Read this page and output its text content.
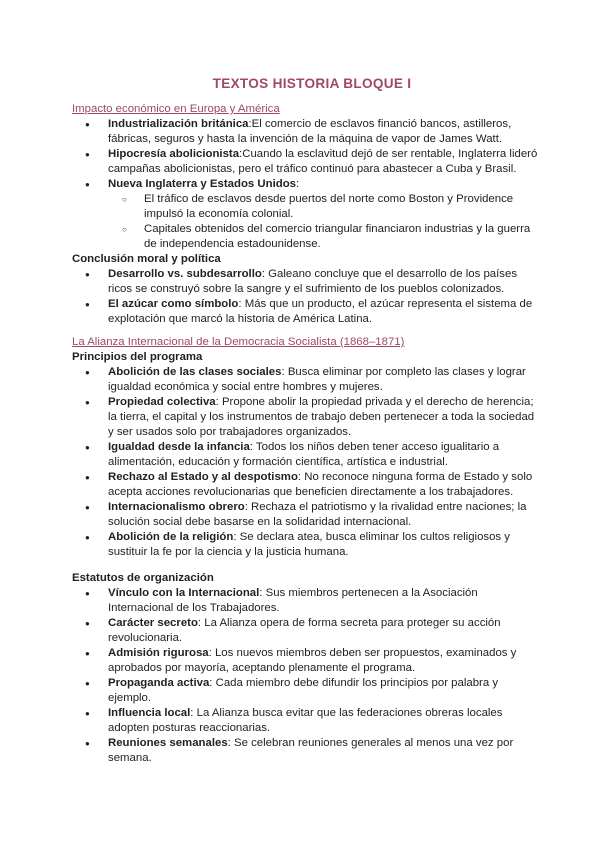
TEXTOS HISTORIA BLOQUE I
Impacto económico en Europa y América
● Industrialización británica:El comercio de esclavos financió bancos, astilleros, fábricas, seguros y hasta la invención de la máquina de vapor de James Watt.
● Hipocresía abolicionista:Cuando la esclavitud dejó de ser rentable, Inglaterra lideró campañas abolicionistas, pero el tráfico continuó para abastecer a Cuba y Brasil.
● Nueva Inglaterra y Estados Unidos:
○ El tráfico de esclavos desde puertos del norte como Boston y Providence impulsó la economía colonial.
○ Capitales obtenidos del comercio triangular financiaron industrias y la guerra de independencia estadounidense.
Conclusión moral y política
● Desarrollo vs. subdesarrollo: Galeano concluye que el desarrollo de los países ricos se construyó sobre la sangre y el sufrimiento de los pueblos colonizados.
● El azúcar como símbolo: Más que un producto, el azúcar representa el sistema de explotación que marcó la historia de América Latina.
La Alianza Internacional de la Democracia Socialista (1868–1871)
Principios del programa
● Abolición de las clases sociales: Busca eliminar por completo las clases y lograr igualdad económica y social entre hombres y mujeres.
● Propiedad colectiva: Propone abolir la propiedad privada y el derecho de herencia; la tierra, el capital y los instrumentos de trabajo deben pertenecer a toda la sociedad y ser usados solo por trabajadores organizados.
● Igualdad desde la infancia: Todos los niños deben tener acceso igualitario a alimentación, educación y formación científica, artística e industrial.
● Rechazo al Estado y al despotismo: No reconoce ninguna forma de Estado y solo acepta acciones revolucionarias que beneficien directamente a los trabajadores.
● Internacionalismo obrero: Rechaza el patriotismo y la rivalidad entre naciones; la solución social debe basarse en la solidaridad internacional.
● Abolición de la religión: Se declara atea, busca eliminar los cultos religiosos y sustituir la fe por la ciencia y la justicia humana.
Estatutos de organización
● Vínculo con la Internacional: Sus miembros pertenecen a la Asociación Internacional de los Trabajadores.
● Carácter secreto: La Alianza opera de forma secreta para proteger su acción revolucionaria.
● Admisión rigurosa: Los nuevos miembros deben ser propuestos, examinados y aprobados por mayoría, aceptando plenamente el programa.
● Propaganda activa: Cada miembro debe difundir los principios por palabra y ejemplo.
● Influencia local: La Alianza busca evitar que las federaciones obreras locales adopten posturas reaccionarias.
● Reuniones semanales: Se celebran reuniones generales al menos una vez por semana.
